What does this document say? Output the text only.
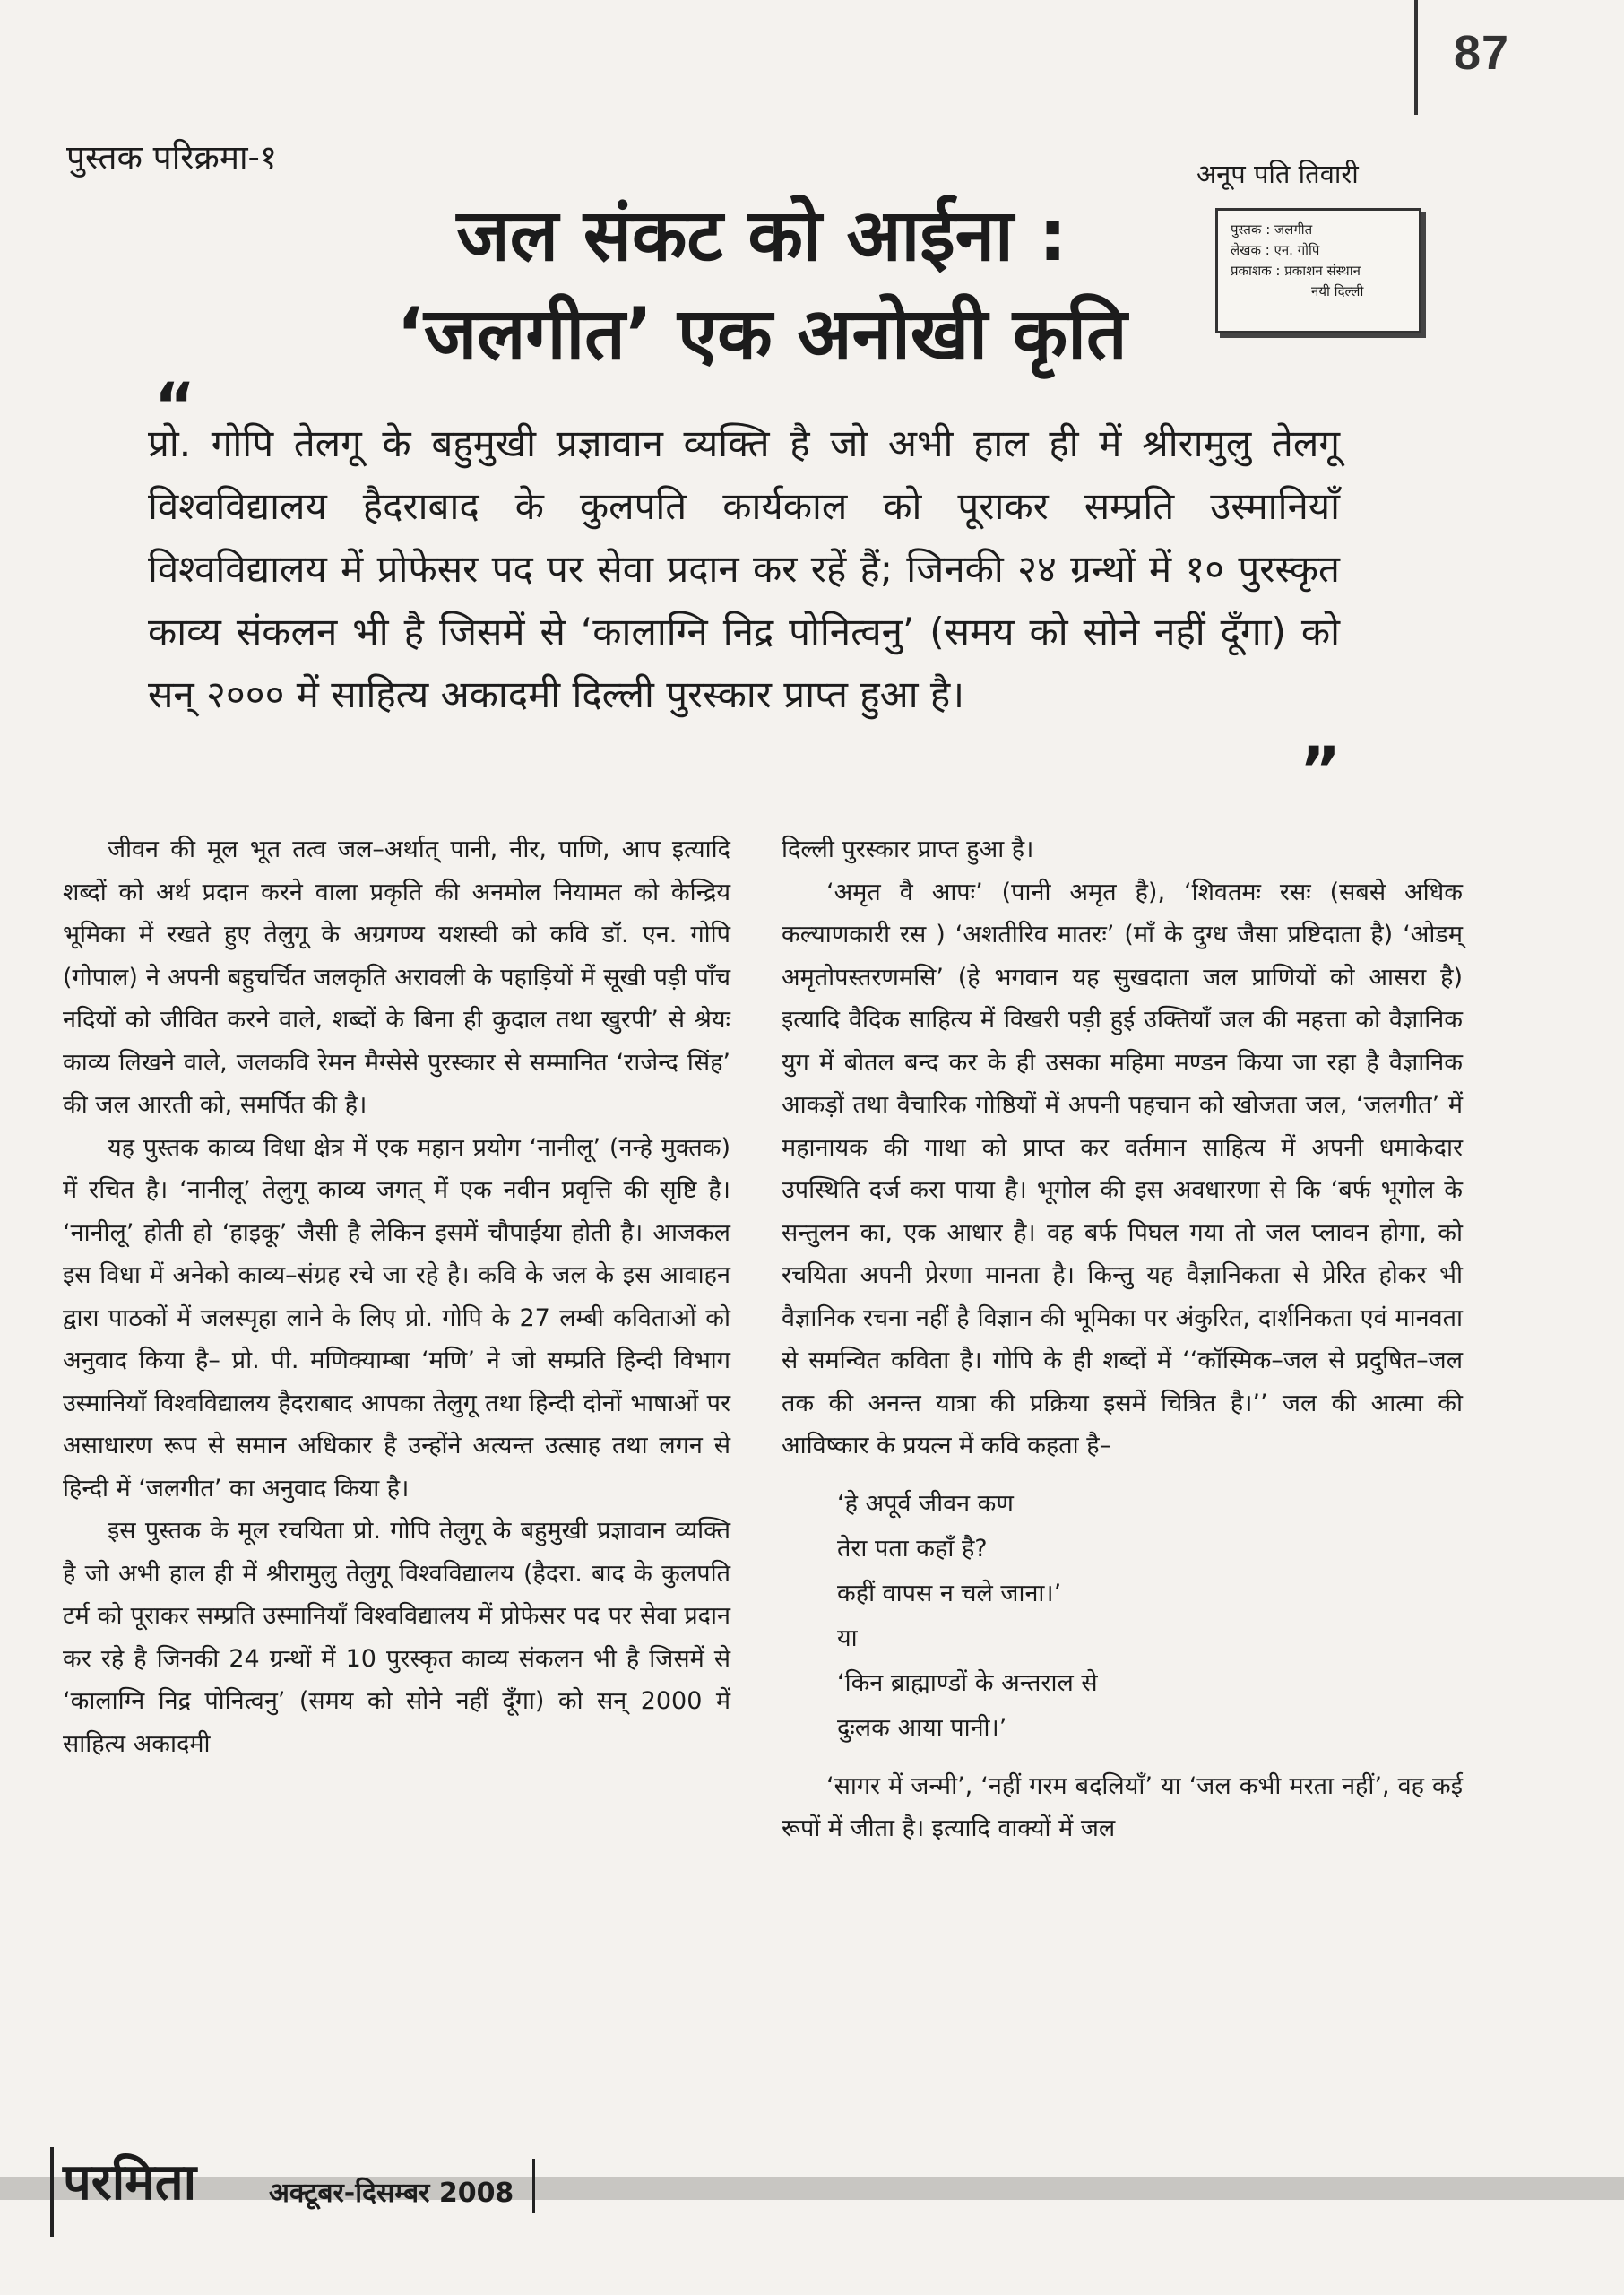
87
पुस्तक परिक्रमा-१	अनूप पति तिवारी
पुस्तक : जलगीत
लेखक : एन. गोपि
प्रकाशक : प्रकाशन संस्थान
नयी दिल्ली
जल संकट को आईना :
‘जलगीत’ एक अनोखी कृति
“
प्रो. गोपि तेलगू के बहुमुखी प्रज्ञावान व्यक्ति है जो अभी हाल ही में श्रीरामुलु तेलगू विश्वविद्यालय हैदराबाद के कुलपति कार्यकाल को पूराकर सम्प्रति उस्मानियाँ विश्वविद्यालय में प्रोफेसर पद पर सेवा प्रदान कर रहें हैं; जिनकी २४ ग्रन्थों में १० पुरस्कृत काव्य संकलन भी है जिसमें से ‘कालाग्नि निद्र पोनित्वनु’ (समय को सोने नहीं दूँगा) को सन् २००० में साहित्य अकादमी दिल्ली पुरस्कार प्राप्त हुआ है।
”

जीवन की मूल भूत तत्व जल–अर्थात् पानी, नीर, पाणि, आप इत्यादि शब्दों को अर्थ प्रदान करने वाला प्रकृति की अनमोल नियामत को केन्द्रिय भूमिका में रखते हुए तेलुगू के अग्रगण्य यशस्वी को कवि डॉ. एन. गोपि (गोपाल) ने अपनी बहुचर्चित जलकृति अरावली के पहाड़ियों में सूखी पड़ी पाँच नदियों को जीवित करने वाले, शब्दों के बिना ही कुदाल तथा खुरपी’ से श्रेयः काव्य लिखने वाले, जलकवि रेमन मैग्सेसे पुरस्कार से सम्मानित ‘राजेन्द सिंह’ की जल आरती को, समर्पित की है।

यह पुस्तक काव्य विधा क्षेत्र में एक महान प्रयोग ‘नानीलू’ (नन्हे मुक्तक) में रचित है। ‘नानीलू’ तेलुगू काव्य जगत् में एक नवीन प्रवृत्ति की सृष्टि है। ‘नानीलू’ होती हो ‘हाइकू’ जैसी है लेकिन इसमें चौपाईया होती है। आजकल इस विधा में अनेको काव्य–संग्रह रचे जा रहे है। कवि के जल के इस आवाहन द्वारा पाठकों में जलस्पृहा लाने के लिए प्रो. गोपि के 27 लम्बी कविताओं को अनुवाद किया है– प्रो. पी. मणिक्याम्बा ‘मणि’ ने जो सम्प्रति हिन्दी विभाग उस्मानियाँ विश्वविद्यालय हैदराबाद आपका तेलुगू तथा हिन्दी दोनों भाषाओं पर असाधारण रूप से समान अधिकार है उन्होंने अत्यन्त उत्साह तथा लगन से हिन्दी में ‘जलगीत’ का अनुवाद किया है।

इस पुस्तक के मूल रचयिता प्रो. गोपि तेलुगू के बहुमुखी प्रज्ञावान व्यक्ति है जो अभी हाल ही में श्रीरामुलु तेलुगू विश्वविद्यालय (हैदरा. बाद के कुलपति टर्म को पूराकर सम्प्रति उस्मानियाँ विश्वविद्यालय में प्रोफेसर पद पर सेवा प्रदान कर रहे है जिनकी 24 ग्रन्थों में 10 पुरस्कृत काव्य संकलन भी है जिसमें से ‘कालाग्नि निद्र पोनित्वनु’ (समय को सोने नहीं दूँगा) को सन् 2000 में साहित्य अकादमी

दिल्ली पुरस्कार प्राप्त हुआ है।

‘अमृत वै आपः’ (पानी अमृत है), ‘शिवतमः रसः (सबसे अधिक कल्याणकारी रस ) ‘अशतीरिव मातरः’ (माँ के दुग्ध जैसा प्रष्टिदाता है) ‘ओडम् अमृतोपस्तरणमसि’ (हे भगवान यह सुखदाता जल प्राणियों को आसरा है) इत्यादि वैदिक साहित्य में विखरी पड़ी हुई उक्तियाँ जल की महत्ता को वैज्ञानिक युग में बोतल बन्द कर के ही उसका महिमा मण्डन किया जा रहा है वैज्ञानिक आकड़ों तथा वैचारिक गोष्ठियों में अपनी पहचान को खोजता जल, ‘जलगीत’ में महानायक की गाथा को प्राप्त कर वर्तमान साहित्य में अपनी धमाकेदार उपस्थिति दर्ज करा पाया है। भूगोल की इस अवधारणा से कि ‘बर्फ भूगोल के सन्तुलन का, एक आधार है। वह बर्फ पिघल गया तो जल प्लावन होगा, को रचयिता अपनी प्रेरणा मानता है। किन्तु यह वैज्ञानिकता से प्रेरित होकर भी वैज्ञानिक रचना नहीं है विज्ञान की भूमिका पर अंकुरित, दार्शनिकता एवं मानवता से समन्वित कविता है। गोपि के ही शब्दों में ‘‘कॉस्मिक–जल से प्रदुषित–जल तक की अनन्त यात्रा की प्रक्रिया इसमें चित्रित है।’’ जल की आत्मा की आविष्कार के प्रयत्न में कवि कहता है–

‘हे अपूर्व जीवन कण
तेरा पता कहाँ है?
कहीं वापस न चले जाना।’
या
‘किन ब्राह्माण्डों के अन्तराल से
दुःलक आया पानी।’

‘सागर में जन्मी’, ‘नहीं गरम बदलियाँ’ या ‘जल कभी मरता नहीं’, वह कई रूपों में जीता है। इत्यादि वाक्यों में जल

परमिता	अक्टूबर-दिसम्बर 2008
